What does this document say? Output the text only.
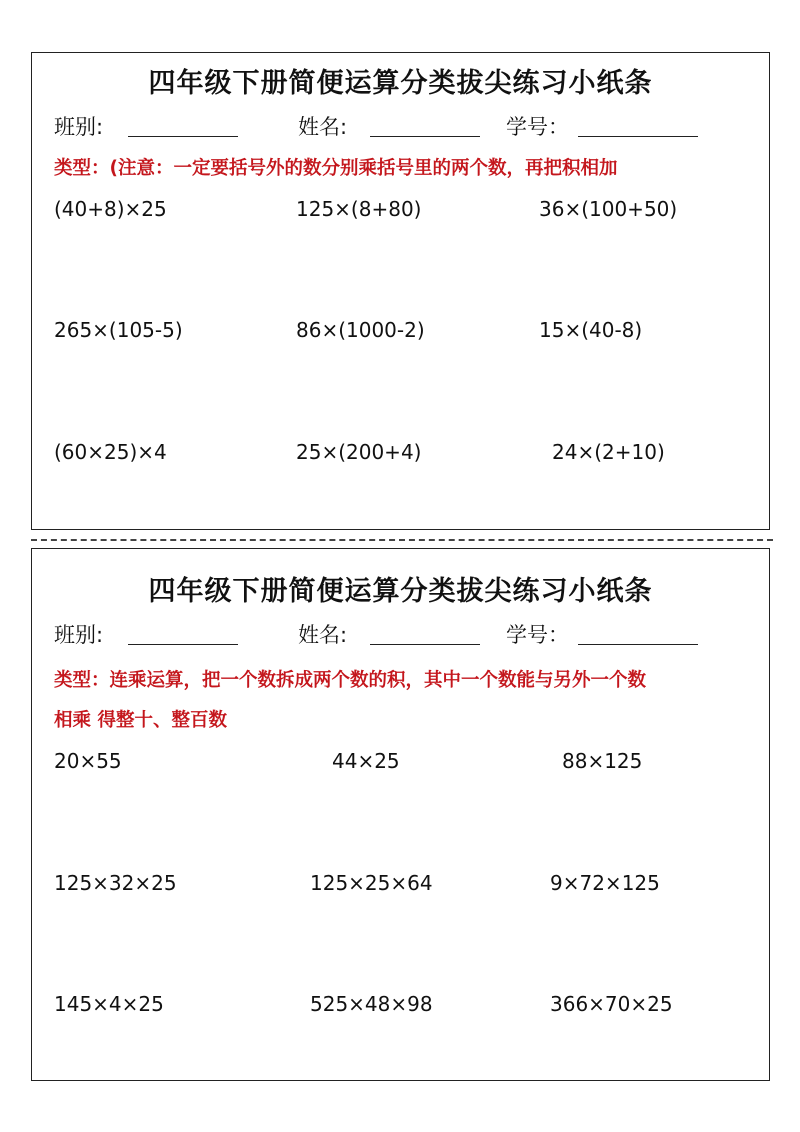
四年级下册简便运算分类拔尖练习小纸条
班别:	姓名:	学号：
类型：(注意：一定要括号外的数分别乘括号里的两个数，再把积相加
(40+8)×25	125×(8+80)	36×(100+50)
265×(105-5)	86×(1000-2)	15×(40-8)
(60×25)×4	25×(200+4)	24×(2+10)
四年级下册简便运算分类拔尖练习小纸条
班别:	姓名:	学号：
类型：连乘运算，把一个数拆成两个数的积，其中一个数能与另外一个数
相乘 得整十、整百数
20×55	44×25	88×125
125×32×25	125×25×64	9×72×125
145×4×25	525×48×98	366×70×25
